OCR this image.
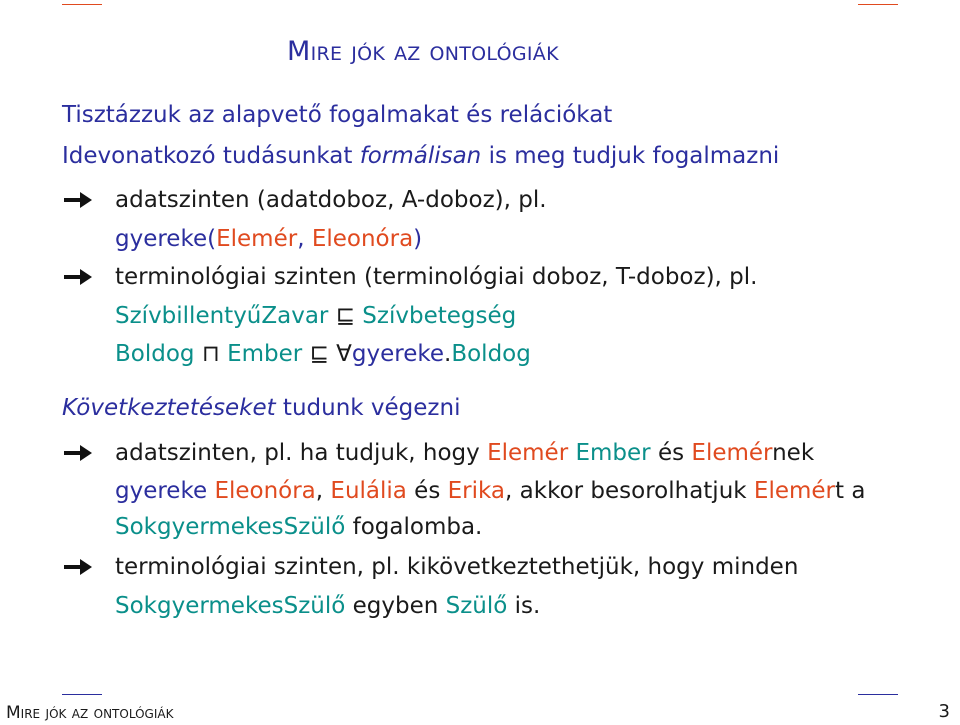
Mire jók az ontológiák
Tisztázzuk az alapvető fogalmakat és relációkat
Idevonatkozó tudásunkat formálisan is meg tudjuk fogalmazni
adatszinten (adatdoboz, A-doboz), pl.
gyereke(Elemér, Eleonóra)
terminológiai szinten (terminológiai doboz, T-doboz), pl.
SzívbillentyűZavar ⊑ Szívbetegség
Boldog ⊓ Ember ⊑ ∀gyereke.Boldog
Következtetéseket tudunk végezni
adatszinten, pl. ha tudjuk, hogy Elemér Ember és Elemérnek
gyereke Eleonóra, Eulália és Erika, akkor besorolhatjuk Elemért a
SokgyermekesSzülő fogalomba.
terminológiai szinten, pl. kikövetkeztethetjük, hogy minden
SokgyermekesSzülő egyben Szülő is.
Mire jók az ontológiák	3
